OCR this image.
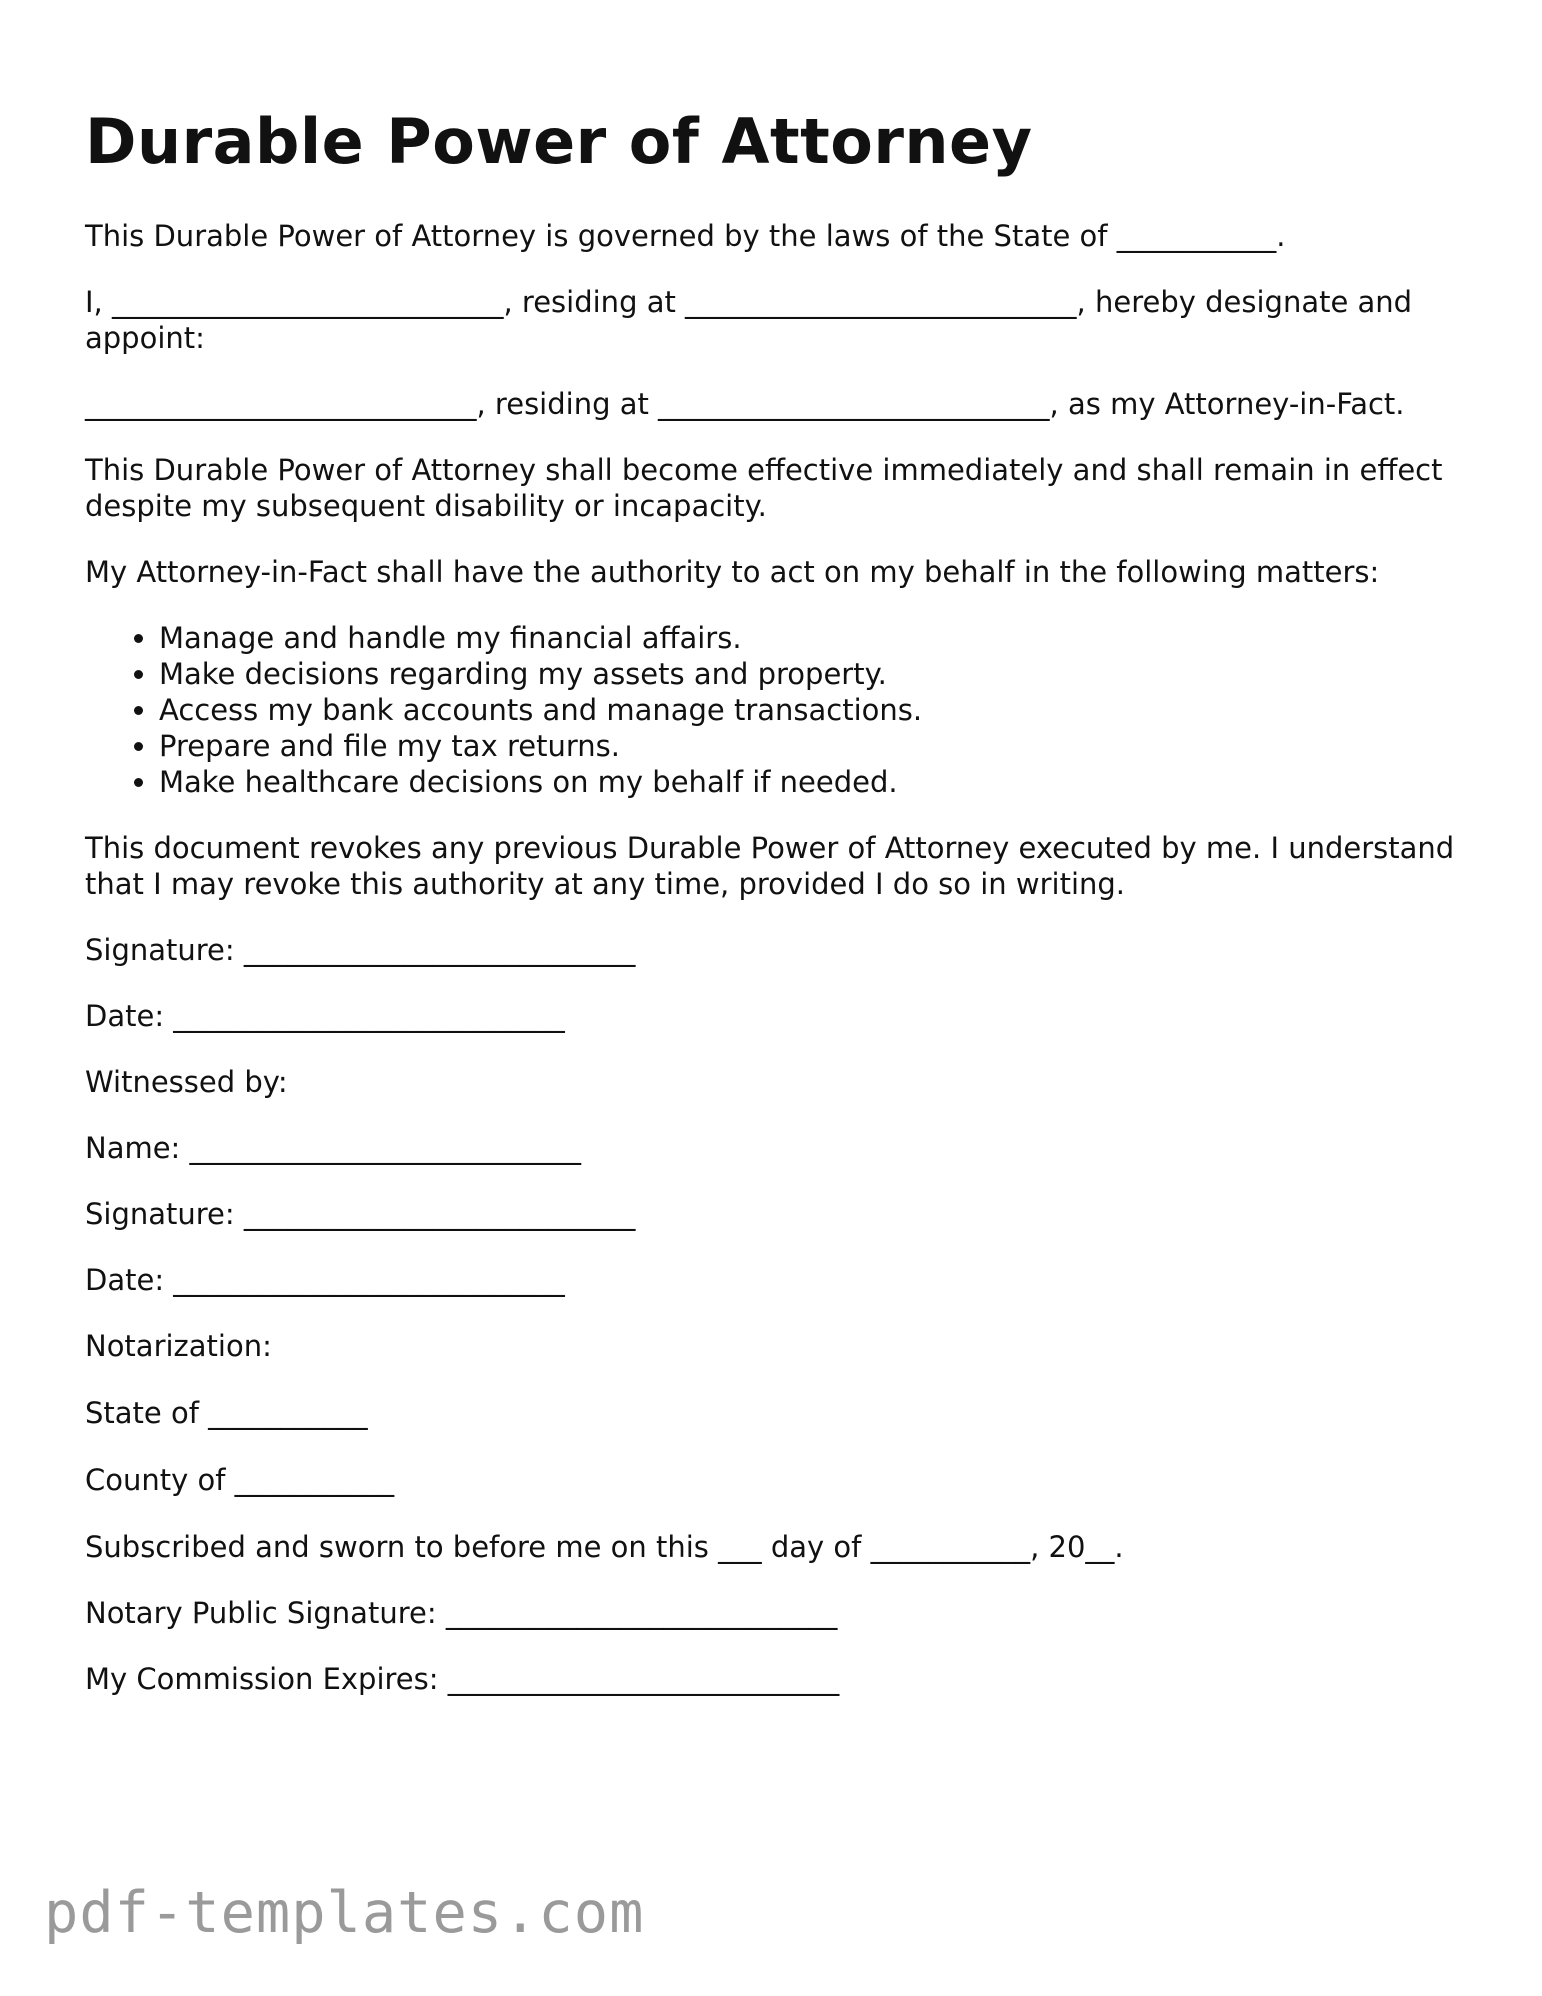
Durable Power of Attorney

This Durable Power of Attorney is governed by the laws of the State of ___________.

I, ___________________________, residing at ___________________________, hereby designate and appoint:

___________________________, residing at ___________________________, as my Attorney-in-Fact.

This Durable Power of Attorney shall become effective immediately and shall remain in effect despite my subsequent disability or incapacity.

My Attorney-in-Fact shall have the authority to act on my behalf in the following matters:

• Manage and handle my financial affairs.
• Make decisions regarding my assets and property.
• Access my bank accounts and manage transactions.
• Prepare and file my tax returns.
• Make healthcare decisions on my behalf if needed.

This document revokes any previous Durable Power of Attorney executed by me. I understand that I may revoke this authority at any time, provided I do so in writing.

Signature: ___________________________
Date: ___________________________
Witnessed by:
Name: ___________________________
Signature: ___________________________
Date: ___________________________
Notarization:
State of ___________
County of ___________
Subscribed and sworn to before me on this ___ day of ___________, 20__.
Notary Public Signature: ___________________________
My Commission Expires: ___________________________
pdf-templates.com
